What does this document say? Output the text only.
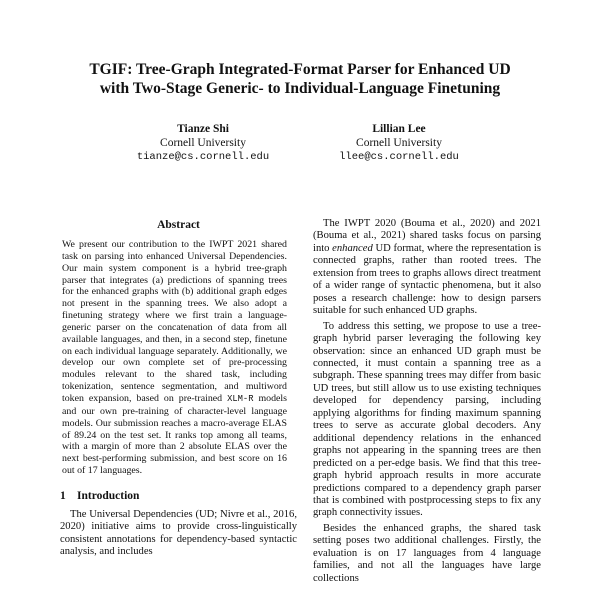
TGIF: Tree-Graph Integrated-Format Parser for Enhanced UD
with Two-Stage Generic- to Individual-Language Finetuning
Tianze Shi
Cornell University
tianze@cs.cornell.edu
Lillian Lee
Cornell University
llee@cs.cornell.edu
Abstract

We present our contribution to the IWPT 2021 shared task on parsing into enhanced Universal Dependencies. Our main system component is a hybrid tree-graph parser that integrates (a) predictions of spanning trees for the enhanced graphs with (b) additional graph edges not present in the spanning trees. We also adopt a finetuning strategy where we first train a language-generic parser on the concatenation of data from all available languages, and then, in a second step, finetune on each individual language separately. Additionally, we develop our own complete set of pre-processing modules relevant to the shared task, including tokenization, sentence segmentation, and multiword token expansion, based on pre-trained XLM-R models and our own pre-training of character-level language models. Our submission reaches a macro-average ELAS of 89.24 on the test set. It ranks top among all teams, with a margin of more than 2 absolute ELAS over the next best-performing submission, and best score on 16 out of 17 languages.

1 Introduction

The Universal Dependencies (UD; Nivre et al., 2016, 2020) initiative aims to provide cross-linguistically consistent annotations for dependency-based syntactic analysis, and includes

The IWPT 2020 (Bouma et al., 2020) and 2021 (Bouma et al., 2021) shared tasks focus on parsing into enhanced UD format, where the representation is connected graphs, rather than rooted trees. The extension from trees to graphs allows direct treatment of a wider range of syntactic phenomena, but it also poses a research challenge: how to design parsers suitable for such enhanced UD graphs.

To address this setting, we propose to use a tree-graph hybrid parser leveraging the following key observation: since an enhanced UD graph must be connected, it must contain a spanning tree as a subgraph. These spanning trees may differ from basic UD trees, but still allow us to use existing techniques developed for dependency parsing, including applying algorithms for finding maximum spanning trees to serve as accurate global decoders. Any additional dependency relations in the enhanced graphs not appearing in the spanning trees are then predicted on a per-edge basis. We find that this tree-graph hybrid approach results in more accurate predictions compared to a dependency graph parser that is combined with postprocessing steps to fix any graph connectivity issues.

Besides the enhanced graphs, the shared task setting poses two additional challenges. Firstly, the evaluation is on 17 languages from 4 language families, and not all the languages have large collections
